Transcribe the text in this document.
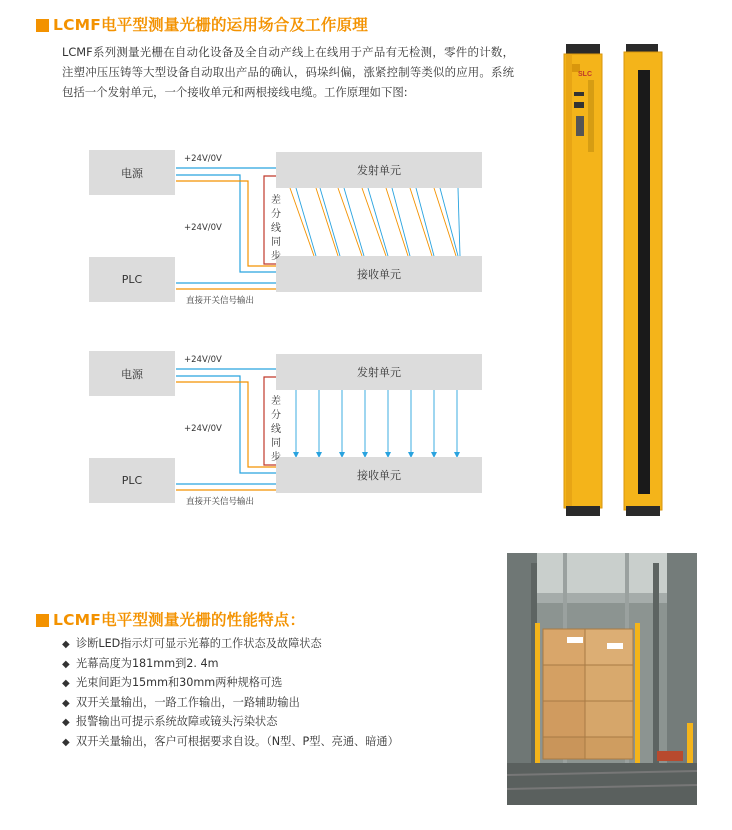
LCMF电平型测量光栅的运用场合及工作原理
LCMF系列测量光栅在自动化设备及全自动产线上在线用于产品有无检测，零件的计数，注塑冲压压铸等大型设备自动取出产品的确认，码垛纠偏，涨紧控制等类似的应用。系统包括一个发射单元，一个接收单元和两根接线电缆。工作原理如下图:
电源
PLC
发射单元
接收单元
+24V/0V
+24V/0V
直接开关信号输出
差
分
线
同
步
电源
PLC
发射单元
接收单元
+24V/0V
+24V/0V
直接开关信号输出
差
分
线
同
步
SLC
LCMF电平型测量光栅的性能特点：
◆ 诊断LED指示灯可显示光幕的工作状态及故障状态
◆ 光幕高度为181mm到2. 4m
◆ 光束间距为15mm和30mm两种规格可选
◆ 双开关量输出，一路工作输出，一路辅助输出
◆ 报警输出可提示系统故障或镜头污染状态
◆ 双开关量输出，客户可根据要求自设。（N型、P型、亮通、暗通）
